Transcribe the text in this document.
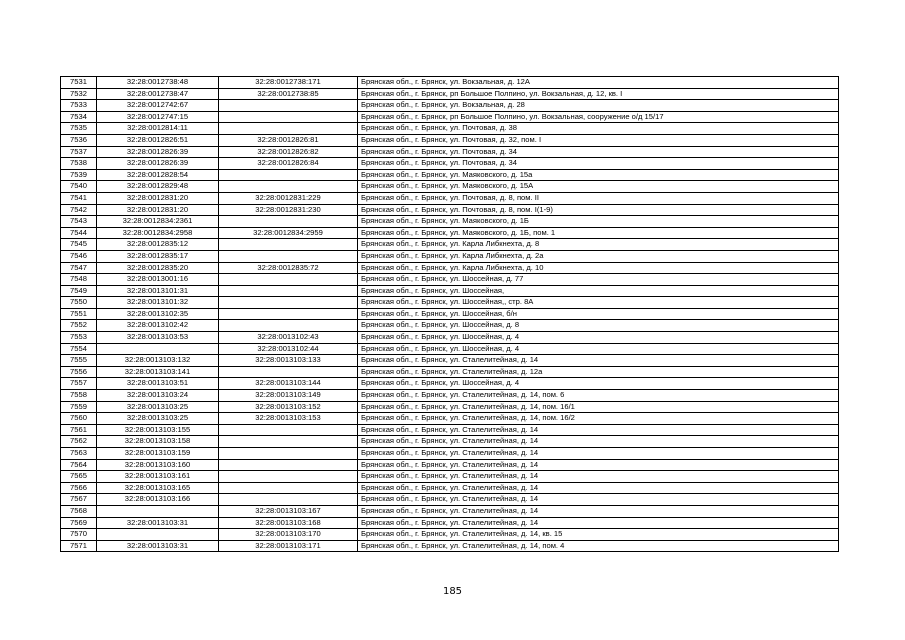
7531	32:28:0012738:48	32:28:0012738:171	Брянская обл., г. Брянск, ул. Вокзальная, д. 12А
7532	32:28:0012738:47	32:28:0012738:85	Брянская обл., г. Брянск, рп Большое Полпино, ул. Вокзальная, д. 12, кв. I
7533	32:28:0012742:67		Брянская обл., г. Брянск, ул. Вокзальная, д. 28
7534	32:28:0012747:15		Брянская обл., г. Брянск, рп Большое Полпино, ул. Вокзальная, сооружение о/д 15/17
7535	32:28:0012814:11		Брянская обл., г. Брянск, ул. Почтовая, д. 38
7536	32:28:0012826:51	32:28:0012826:81	Брянская обл., г. Брянск, ул. Почтовая, д. 32, пом. I
7537	32:28:0012826:39	32:28:0012826:82	Брянская обл., г. Брянск, ул. Почтовая, д. 34
7538	32:28:0012826:39	32:28:0012826:84	Брянская обл., г. Брянск, ул. Почтовая, д. 34
7539	32:28:0012828:54		Брянская обл., г. Брянск, ул. Маяковского, д. 15а
7540	32:28:0012829:48		Брянская обл., г. Брянск, ул. Маяковского, д. 15А
7541	32:28:0012831:20	32:28:0012831:229	Брянская обл., г. Брянск, ул. Почтовая, д. 8, пом. II
7542	32:28:0012831:20	32:28:0012831:230	Брянская обл., г. Брянск, ул. Почтовая, д. 8, пом. I(1-9)
7543	32:28:0012834:2361		Брянская обл., г. Брянск, ул. Маяковского, д. 1Б
7544	32:28:0012834:2958	32:28:0012834:2959	Брянская обл., г. Брянск, ул. Маяковского, д. 1Б, пом. 1
7545	32:28:0012835:12		Брянская обл., г. Брянск, ул. Карла Либкнехта, д. 8
7546	32:28:0012835:17		Брянская обл., г. Брянск, ул. Карла Либкнехта, д. 2а
7547	32:28:0012835:20	32:28:0012835:72	Брянская обл., г. Брянск, ул. Карла Либкнехта, д. 10
7548	32:28:0013001:16		Брянская обл., г. Брянск, ул. Шоссейная, д. 77
7549	32:28:0013101:31		Брянская обл., г. Брянск, ул. Шоссейная,
7550	32:28:0013101:32		Брянская обл., г. Брянск, ул. Шоссейная,, стр. 8А
7551	32:28:0013102:35		Брянская обл., г. Брянск, ул. Шоссейная, б/н
7552	32:28:0013102:42		Брянская обл., г. Брянск, ул. Шоссейная, д. 8
7553	32:28:0013103:53	32:28:0013102:43	Брянская обл., г. Брянск, ул. Шоссейная, д. 4
7554		32:28:0013102:44	Брянская обл., г. Брянск, ул. Шоссейная, д. 4
7555	32:28:0013103:132	32:28:0013103:133	Брянская обл., г. Брянск, ул. Сталелитейная, д. 14
7556	32:28:0013103:141		Брянская обл., г. Брянск, ул. Сталелитейная, д. 12а
7557	32:28:0013103:51	32:28:0013103:144	Брянская обл., г. Брянск, ул. Шоссейная, д. 4
7558	32:28:0013103:24	32:28:0013103:149	Брянская обл., г. Брянск, ул. Сталелитейная, д. 14, пом. 6
7559	32:28:0013103:25	32:28:0013103:152	Брянская обл., г. Брянск, ул. Сталелитейная, д. 14, пом. 16/1
7560	32:28:0013103:25	32:28:0013103:153	Брянская обл., г. Брянск, ул. Сталелитейная, д. 14, пом. 16/2
7561	32:28:0013103:155		Брянская обл., г. Брянск, ул. Сталелитейная, д. 14
7562	32:28:0013103:158		Брянская обл., г. Брянск, ул. Сталелитейная, д. 14
7563	32:28:0013103:159		Брянская обл., г. Брянск, ул. Сталелитейная, д. 14
7564	32:28:0013103:160		Брянская обл., г. Брянск, ул. Сталелитейная, д. 14
7565	32:28:0013103:161		Брянская обл., г. Брянск, ул. Сталелитейная, д. 14
7566	32:28:0013103:165		Брянская обл., г. Брянск, ул. Сталелитейная, д. 14
7567	32:28:0013103:166		Брянская обл., г. Брянск, ул. Сталелитейная, д. 14
7568		32:28:0013103:167	Брянская обл., г. Брянск, ул. Сталелитейная, д. 14
7569	32:28:0013103:31	32:28:0013103:168	Брянская обл., г. Брянск, ул. Сталелитейная, д. 14
7570		32:28:0013103:170	Брянская обл., г. Брянск, ул. Сталелитейная, д. 14, кв. 15
7571	32:28:0013103:31	32:28:0013103:171	Брянская обл., г. Брянск, ул. Сталелитейная, д. 14, пом. 4
185
